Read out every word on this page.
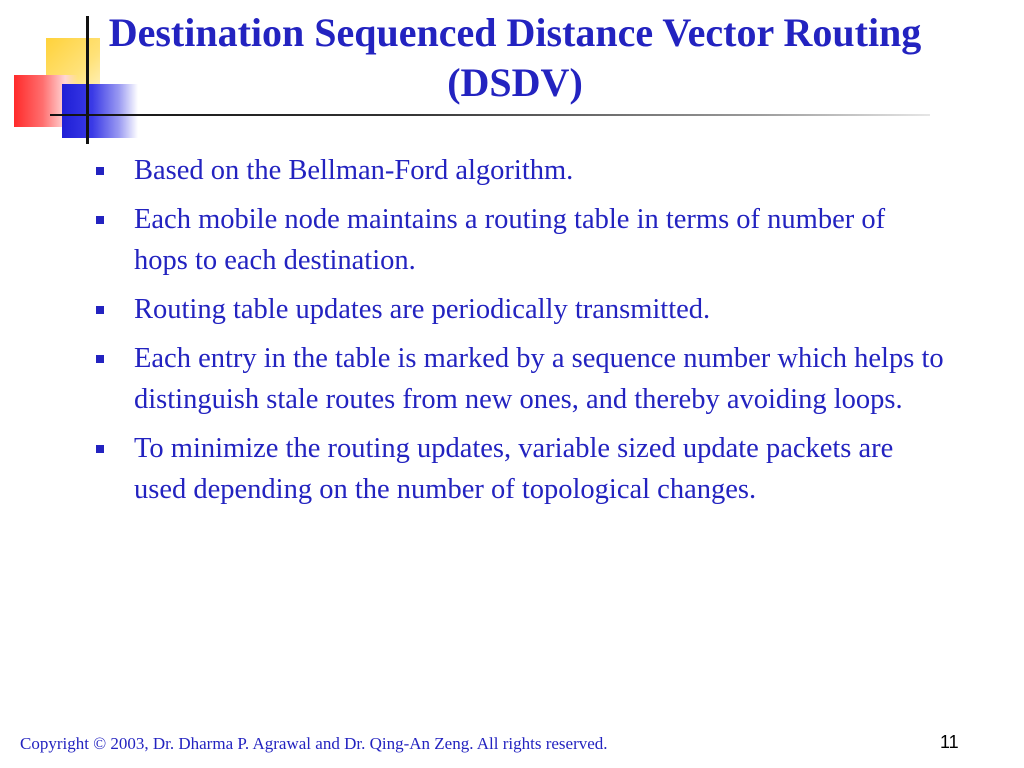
Destination Sequenced Distance Vector Routing (DSDV)
Based on the Bellman-Ford algorithm.
Each mobile node maintains a routing table in terms of number of hops to each destination.
Routing table updates are periodically transmitted.
Each entry in the table is marked by a sequence number which helps to distinguish stale routes from new ones, and thereby avoiding loops.
To minimize the routing updates, variable sized update packets are used depending on the number of topological changes.
Copyright © 2003, Dr. Dharma P. Agrawal and Dr. Qing-An Zeng. All rights reserved.	11
